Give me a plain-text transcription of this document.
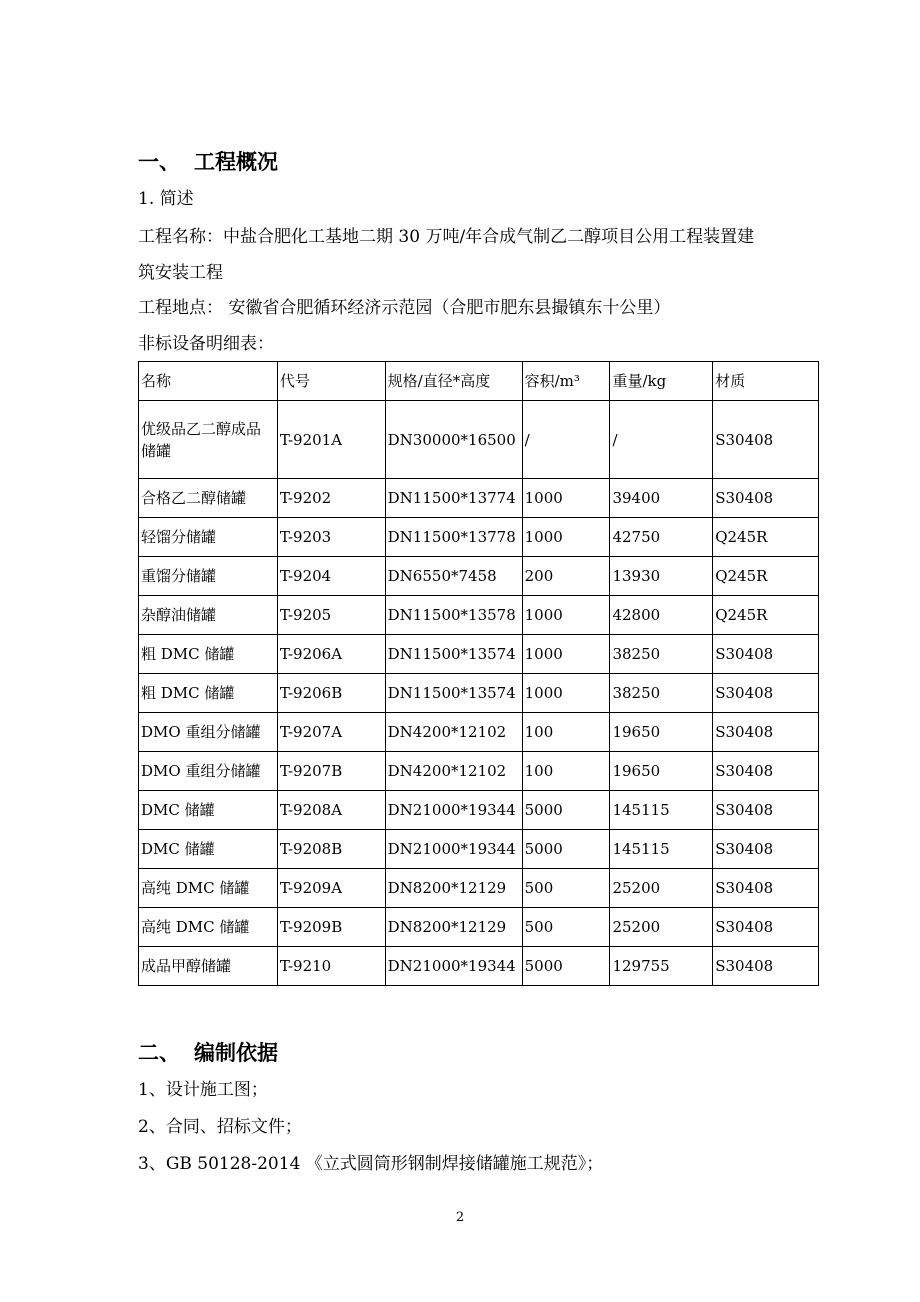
一、 工程概况
1. 简述
工程名称：中盐合肥化工基地二期 30 万吨/年合成气制乙二醇项目公用工程装置建
筑安装工程
工程地点： 安徽省合肥循环经济示范园（合肥市肥东县撮镇东十公里）
非标设备明细表：
名称	代号	规格/直径*高度	容积/m³	重量/kg	材质
优级品乙二醇成品储罐	T-9201A	DN30000*16500	/	/	S30408
合格乙二醇储罐	T-9202	DN11500*13774	1000	39400	S30408
轻馏分储罐	T-9203	DN11500*13778	1000	42750	Q245R
重馏分储罐	T-9204	DN6550*7458	200	13930	Q245R
杂醇油储罐	T-9205	DN11500*13578	1000	42800	Q245R
粗 DMC 储罐	T-9206A	DN11500*13574	1000	38250	S30408
粗 DMC 储罐	T-9206B	DN11500*13574	1000	38250	S30408
DMO 重组分储罐	T-9207A	DN4200*12102	100	19650	S30408
DMO 重组分储罐	T-9207B	DN4200*12102	100	19650	S30408
DMC 储罐	T-9208A	DN21000*19344	5000	145115	S30408
DMC 储罐	T-9208B	DN21000*19344	5000	145115	S30408
高纯 DMC 储罐	T-9209A	DN8200*12129	500	25200	S30408
高纯 DMC 储罐	T-9209B	DN8200*12129	500	25200	S30408
成品甲醇储罐	T-9210	DN21000*19344	5000	129755	S30408
二、 编制依据
1、设计施工图；
2、合同、招标文件；
3、GB 50128-2014 《立式圆筒形钢制焊接储罐施工规范》；
2
